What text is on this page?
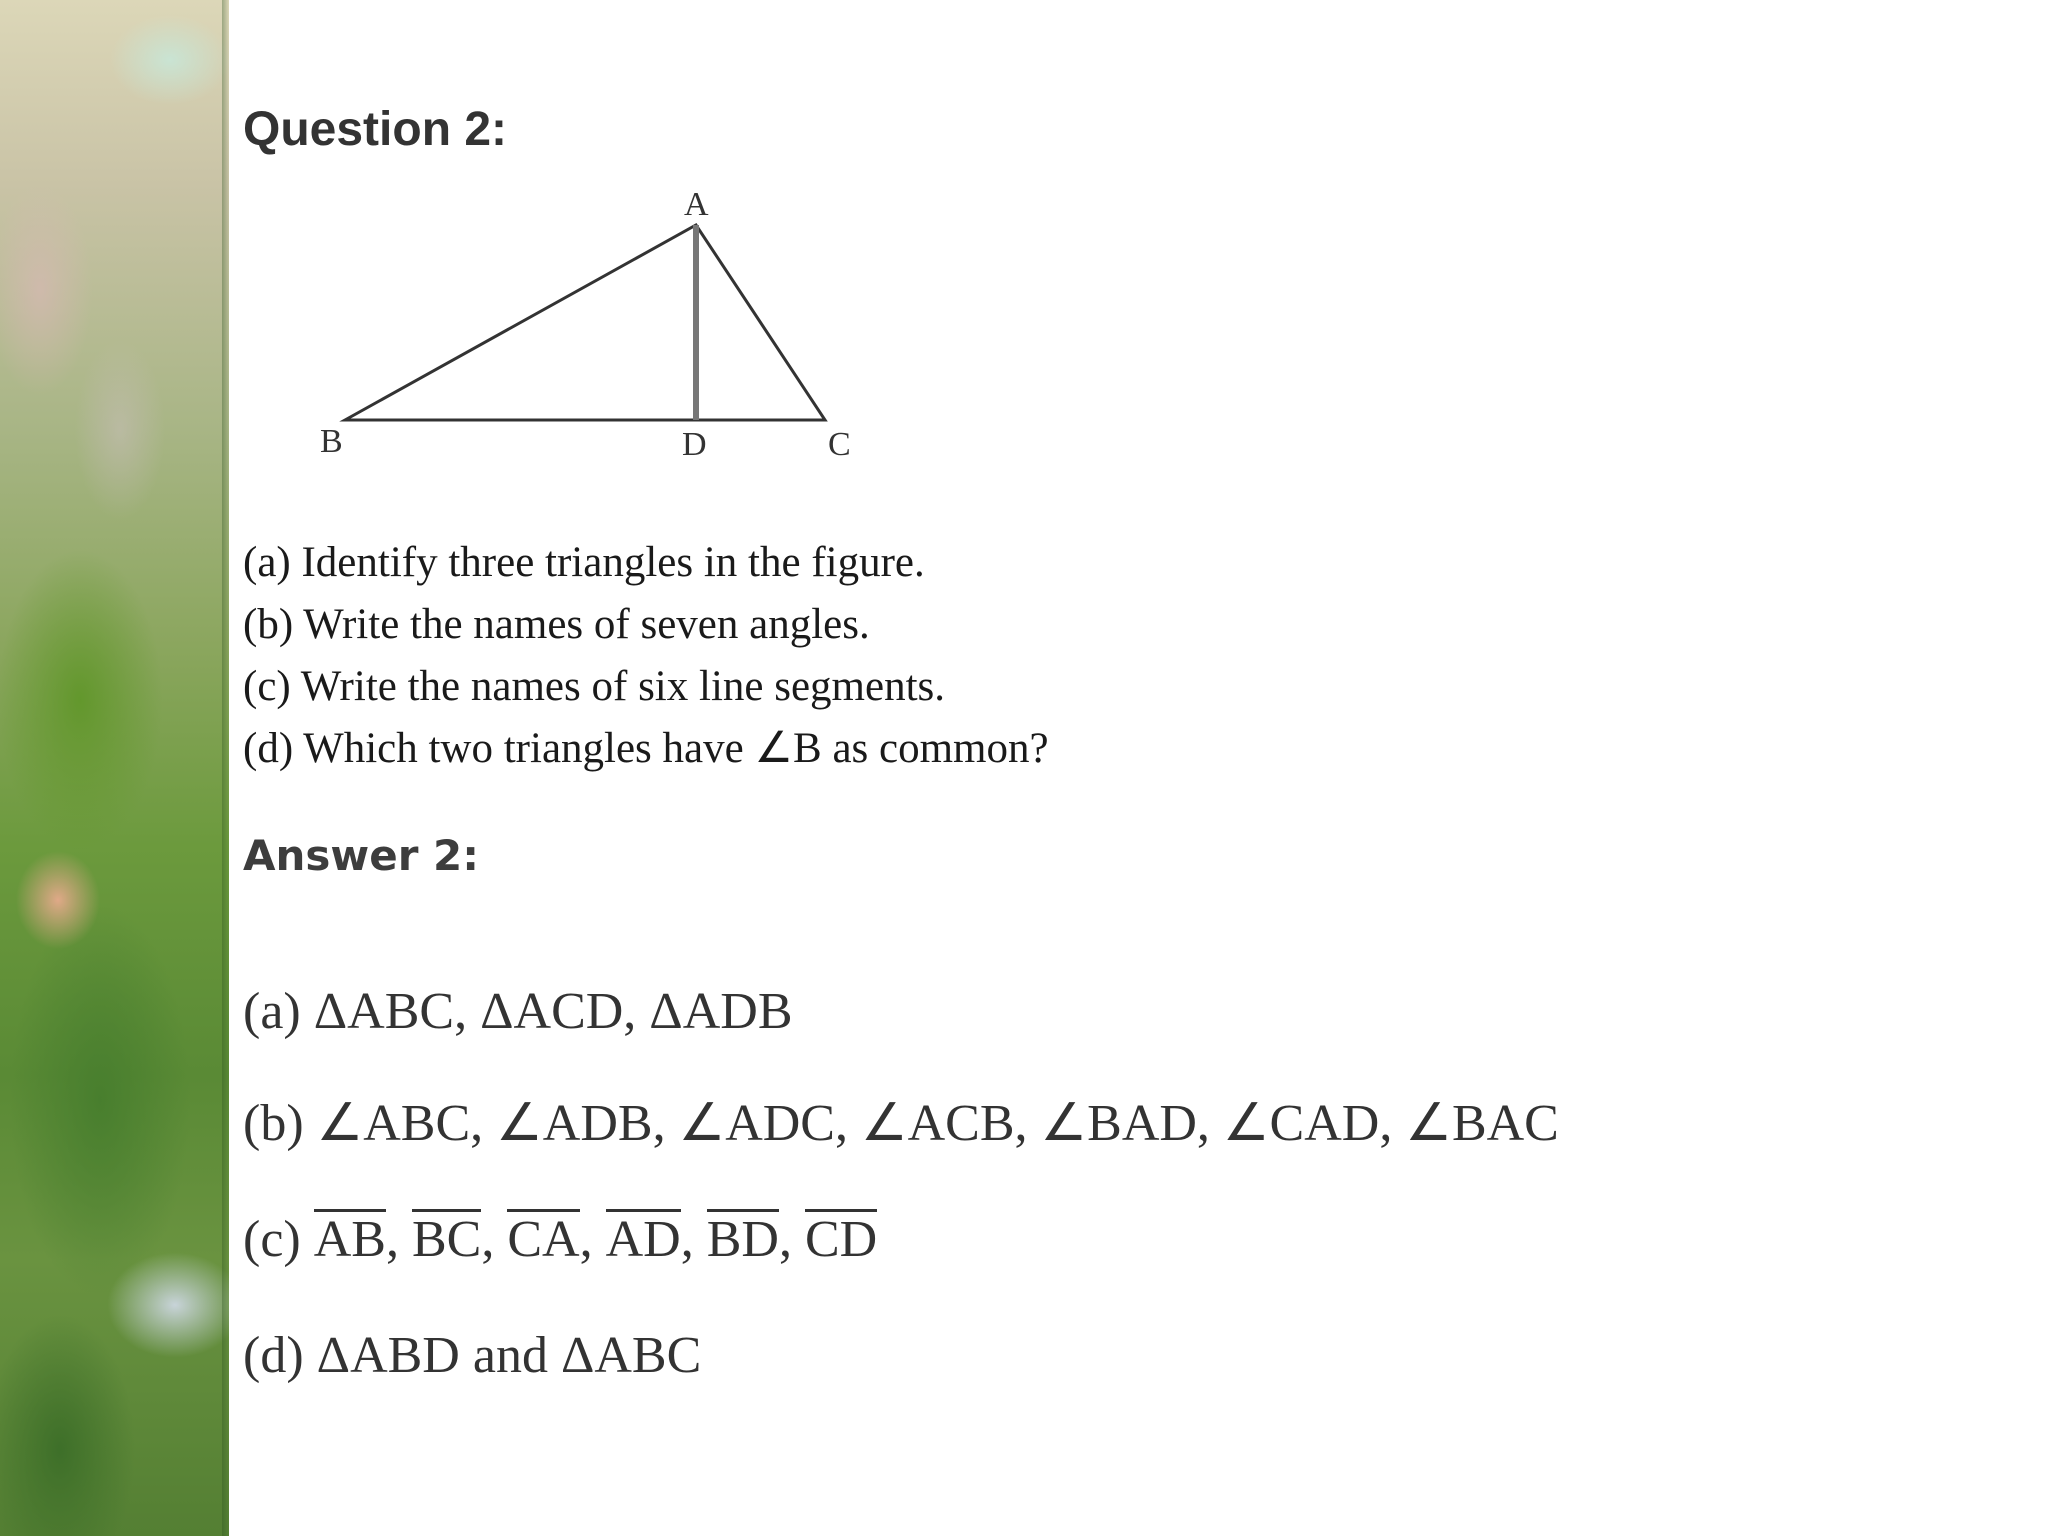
Question 2:
A
B	D	C
(a) Identify three triangles in the figure.
(b) Write the names of seven angles.
(c) Write the names of six line segments.
(d) Which two triangles have ∠B as common?
Answer 2:

(a) ΔABC, ΔACD, ΔADB

(b) ∠ABC, ∠ADB, ∠ADC, ∠ACB, ∠BAD, ∠CAD, ∠BAC

(c) AB, BC, CA, AD, BD, CD

(d) ΔABD and ΔABC
